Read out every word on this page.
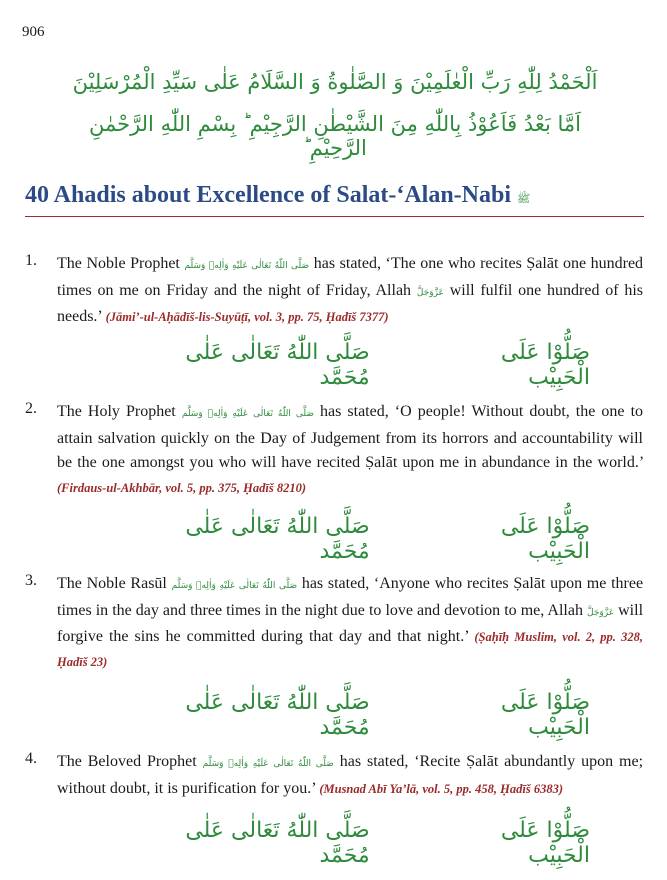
906
اَلْحَمْدُ لِلّٰهِ رَبِّ الْعٰلَمِيْنَ وَ الصَّلٰوةُ وَ السَّلَامُ عَلٰى سَيِّدِ الْمُرْسَلِيْنَ
اَمَّا بَعْدُ فَاَعُوْذُ بِاللّٰهِ مِنَ الشَّيْطٰنِ الرَّجِيْمِ ؕ بِسْمِ اللّٰهِ الرَّحْمٰنِ الرَّحِيْمِ ؕ
40 Ahadis about Excellence of Salat-‘Alan-Nabi ﷺ
1.	The Noble Prophet صَلَّى اللّٰهُ تَعَالٰى عَلَيْهِ وَاٰلِهٖ وَسَلَّم has stated, ‘The one who recites Ṣalāt one hundred times on me on Friday and the night of Friday, Allah عَزَّوَجَلَّ will fulfil one hundred of his needs.’ (Jāmi’-ul-Aḥādīš-lis-Suyūṭī, vol. 3, pp. 75, Ḥadīš 7377)
صَلُّوْا عَلَى الْحَبِيْب
صَلَّى اللّٰهُ تَعَالٰى عَلٰى مُحَمَّد
2.	The Holy Prophet صَلَّى اللّٰهُ تَعَالٰى عَلَيْهِ وَاٰلِهٖ وَسَلَّم has stated, ‘O people! Without doubt, the one to attain salvation quickly on the Day of Judgement from its horrors and accountability will be the one amongst you who will have recited Ṣalāt upon me in abundance in the world.’ (Firdaus-ul-Akhbār, vol. 5, pp. 375, Ḥadīš 8210)
صَلُّوْا عَلَى الْحَبِيْب
صَلَّى اللّٰهُ تَعَالٰى عَلٰى مُحَمَّد
3.	The Noble Rasūl صَلَّى اللّٰهُ تَعَالٰى عَلَيْهِ وَاٰلِهٖ وَسَلَّم has stated, ‘Anyone who recites Ṣalāt upon me three times in the day and three times in the night due to love and devotion to me, Allah عَزَّوَجَلَّ will forgive the sins he committed during that day and that night.’ (Ṣaḥīḥ Muslim, vol. 2, pp. 328, Ḥadīš 23)
صَلُّوْا عَلَى الْحَبِيْب
صَلَّى اللّٰهُ تَعَالٰى عَلٰى مُحَمَّد
4.	The Beloved Prophet صَلَّى اللّٰهُ تَعَالٰى عَلَيْهِ وَاٰلِهٖ وَسَلَّم has stated, ‘Recite Ṣalāt abundantly upon me; without doubt, it is purification for you.’ (Musnad Abī Ya’lā, vol. 5, pp. 458, Ḥadīš 6383)
صَلُّوْا عَلَى الْحَبِيْب
صَلَّى اللّٰهُ تَعَالٰى عَلٰى مُحَمَّد
